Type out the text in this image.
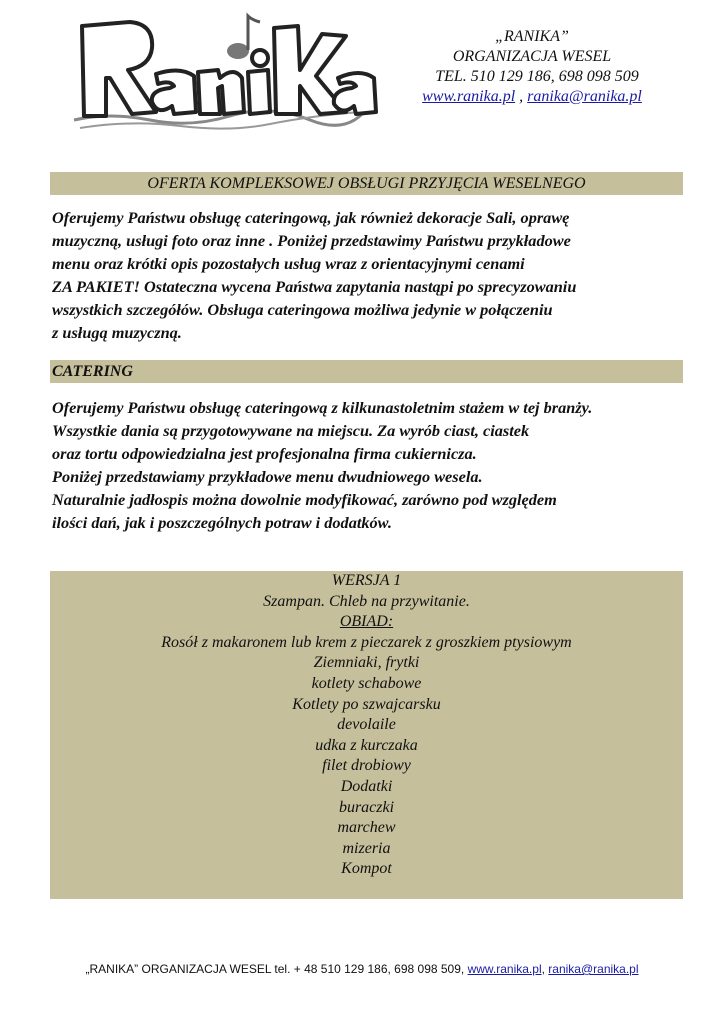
„RANIKA”
ORGANIZACJA WESEL
TEL. 510 129 186, 698 098 509
www.ranika.pl , ranika@ranika.pl
OFERTA KOMPLEKSOWEJ OBSŁUGI PRZYJĘCIA WESELNEGO
Oferujemy Państwu obsługę cateringową, jak również dekoracje Sali, oprawę
muzyczną, usługi foto oraz inne . Poniżej przedstawimy Państwu przykładowe
menu oraz krótki opis pozostałych usług wraz z orientacyjnymi cenami
ZA PAKIET! Ostateczna wycena Państwa zapytania nastąpi po sprecyzowaniu
wszystkich szczegółów. Obsługa cateringowa możliwa jedynie w połączeniu
z usługą muzyczną.
CATERING
Oferujemy Państwu obsługę cateringową z kilkunastoletnim stażem w tej branży.
Wszystkie dania są przygotowywane na miejscu. Za wyrób ciast, ciastek
oraz tortu odpowiedzialna jest profesjonalna firma cukiernicza.
Poniżej przedstawiamy przykładowe menu dwudniowego wesela.
Naturalnie jadłospis można dowolnie modyfikować, zarówno pod względem
ilości dań, jak i poszczególnych potraw i dodatków.
WERSJA 1
Szampan. Chleb na przywitanie.
OBIAD:
Rosół z makaronem lub krem z pieczarek z groszkiem ptysiowym
Ziemniaki, frytki
kotlety schabowe
Kotlety po szwajcarsku
devolaile
udka z kurczaka
filet drobiowy
Dodatki
buraczki
marchew
mizeria
Kompot
„RANIKA” ORGANIZACJA WESEL tel. + 48 510 129 186, 698 098 509, www.ranika.pl, ranika@ranika.pl
